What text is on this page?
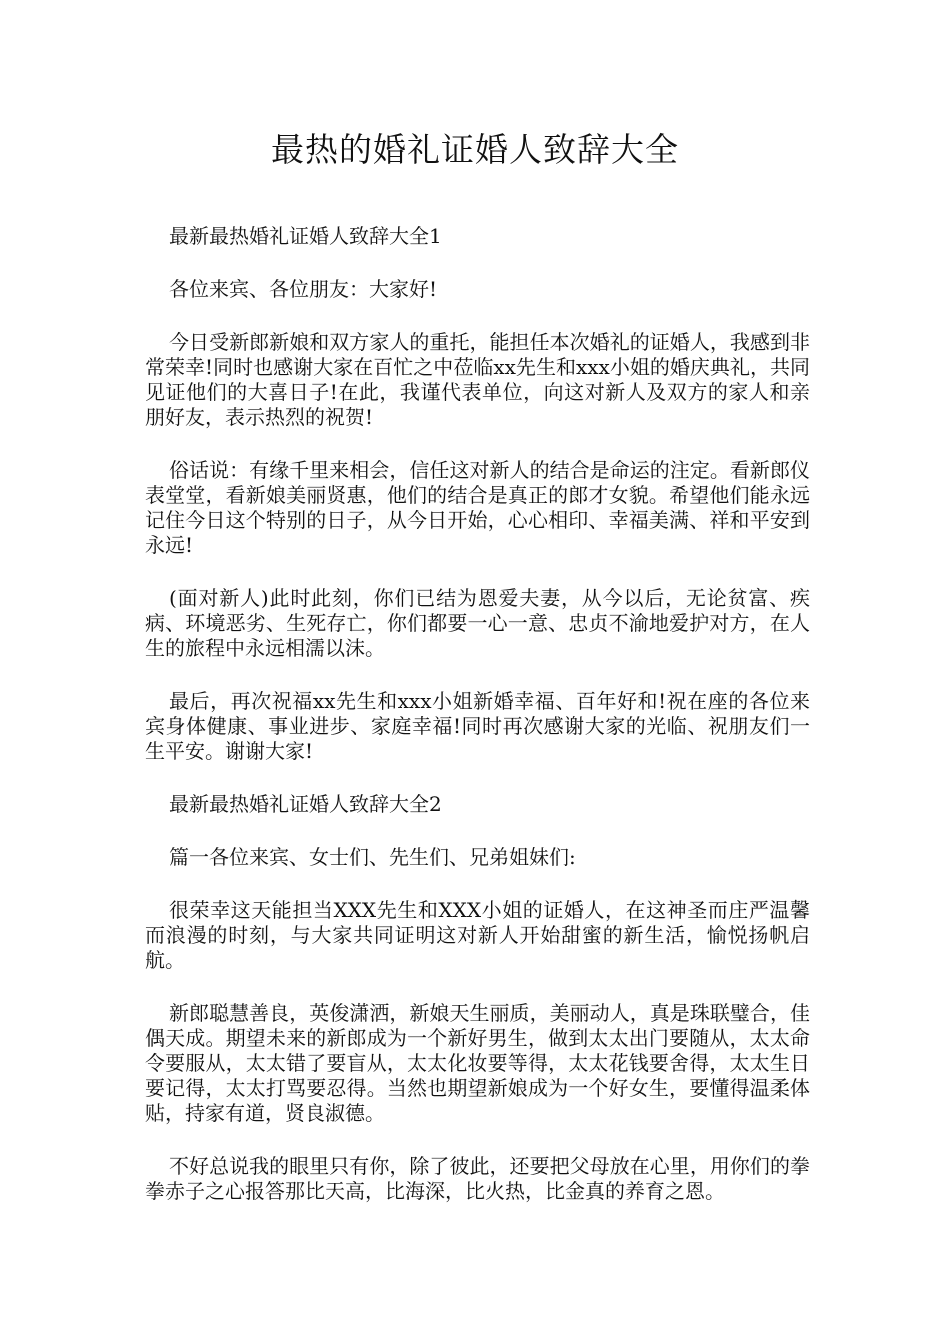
最热的婚礼证婚人致辞大全

最新最热婚礼证婚人致辞大全1

各位来宾、各位朋友：大家好!

今日受新郎新娘和双方家人的重托，能担任本次婚礼的证婚人，我感到非常荣幸!同时也感谢大家在百忙之中莅临xx先生和xxx小姐的婚庆典礼，共同见证他们的大喜日子!在此，我谨代表单位，向这对新人及双方的家人和亲朋好友，表示热烈的祝贺!

俗话说：有缘千里来相会，信任这对新人的结合是命运的注定。看新郎仪表堂堂，看新娘美丽贤惠，他们的结合是真正的郎才女貌。希望他们能永远记住今日这个特别的日子，从今日开始，心心相印、幸福美满、祥和平安到永远!

(面对新人)此时此刻，你们已结为恩爱夫妻，从今以后，无论贫富、疾病、环境恶劣、生死存亡，你们都要一心一意、忠贞不渝地爱护对方，在人生的旅程中永远相濡以沫。

最后，再次祝福xx先生和xxx小姐新婚幸福、百年好和!祝在座的各位来宾身体健康、事业进步、家庭幸福!同时再次感谢大家的光临、祝朋友们一生平安。谢谢大家!

最新最热婚礼证婚人致辞大全2

篇一各位来宾、女士们、先生们、兄弟姐妹们:

很荣幸这天能担当XXX先生和XXX小姐的证婚人，在这神圣而庄严温馨而浪漫的时刻，与大家共同证明这对新人开始甜蜜的新生活，愉悦扬帆启航。

新郎聪慧善良，英俊潇洒，新娘天生丽质，美丽动人，真是珠联璧合，佳偶天成。期望未来的新郎成为一个新好男生，做到太太出门要随从，太太命令要服从，太太错了要盲从，太太化妆要等得，太太花钱要舍得，太太生日要记得，太太打骂要忍得。当然也期望新娘成为一个好女生，要懂得温柔体贴，持家有道，贤良淑德。

不好总说我的眼里只有你，除了彼此，还要把父母放在心里，用你们的拳拳赤子之心报答那比天高，比海深，比火热，比金真的养育之恩。
